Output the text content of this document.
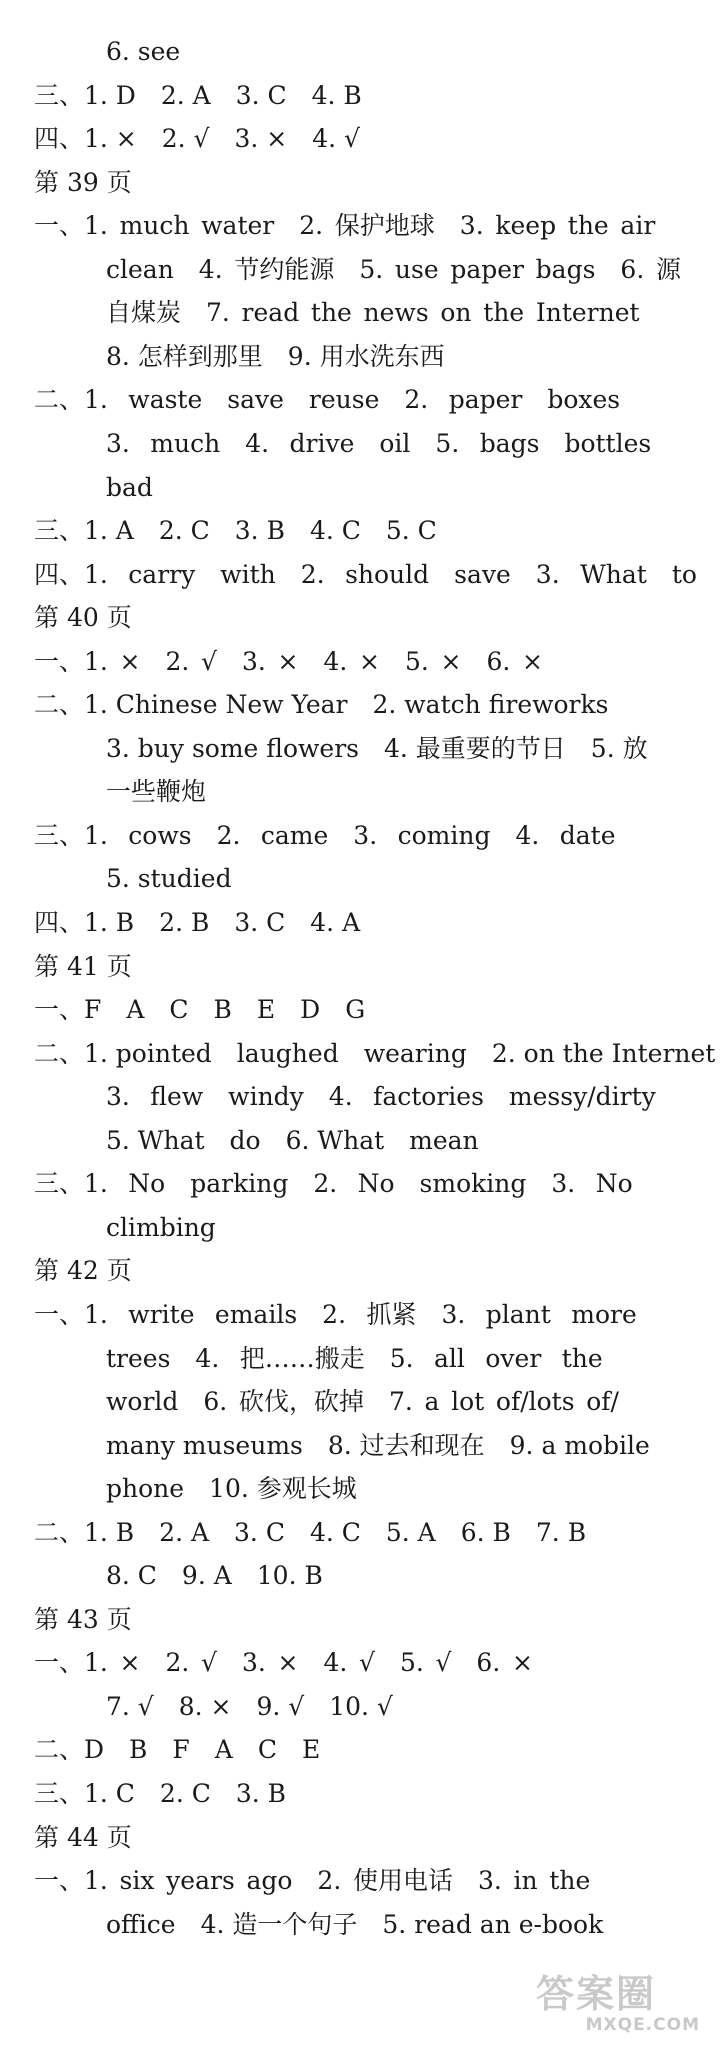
6. see
三、1. D　2. A　3. C　4. B
四、1. ×　2. √　3. ×　4. √
第 39 页
一、1. much water　2. 保护地球　3. keep the air
clean　4. 节约能源　5. use paper bags　6. 源
自煤炭　7. read the news on the Internet
8. 怎样到那里　9. 用水洗东西
二、1. waste　save　reuse　2. paper　boxes
3. much　4. drive　oil　5. bags　bottles
bad
三、1. A　2. C　3. B　4. C　5. C
四、1. carry　with　2. should　save　3. What　to
第 40 页
一、1. ×　2. √　3. ×　4. ×　5. ×　6. ×
二、1. Chinese New Year　2. watch fireworks
3. buy some flowers　4. 最重要的节日　5. 放
一些鞭炮
三、1. cows　2. came　3. coming　4. date
5. studied
四、1. B　2. B　3. C　4. A
第 41 页
一、F　A　C　B　E　D　G
二、1. pointed　laughed　wearing　2. on the Internet
3. flew　windy　4. factories　messy/dirty
5. What　do　6. What　mean
三、1. No　parking　2. No　smoking　3. No
climbing
第 42 页
一、1. write emails　2. 抓紧　3. plant more
trees　4. 把……搬走　5. all over the
world　6. 砍伐，砍掉　7. a lot of/lots of/
many museums　8. 过去和现在　9. a mobile
phone　10. 参观长城
二、1. B　2. A　3. C　4. C　5. A　6. B　7. B
8. C　9. A　10. B
第 43 页
一、1. ×　2. √　3. ×　4. √　5. √　6. ×
7. √　8. ×　9. √　10. √
二、D　B　F　A　C　E
三、1. C　2. C　3. B
第 44 页
一、1. six years ago　2. 使用电话　3. in the
office　4. 造一个句子　5. read an e-book
答案圈
MXQE.COM
